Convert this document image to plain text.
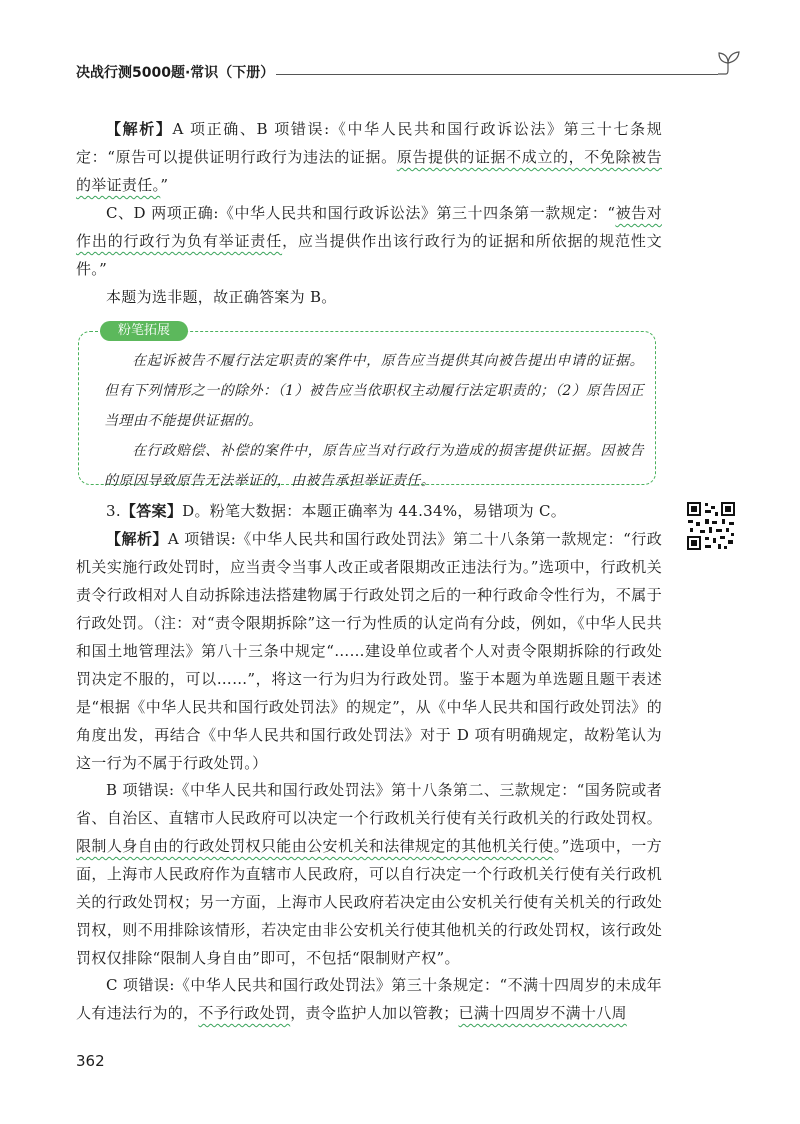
决战行测5000题·常识（下册）

【解析】A 项正确、B 项错误:《中华人民共和国行政诉讼法》第三十七条规定：“原告可以提供证明行政行为违法的证据。原告提供的证据不成立的，不免除被告的举证责任。”

C、D 两项正确:《中华人民共和国行政诉讼法》第三十四条第一款规定：“被告对作出的行政行为负有举证责任，应当提供作出该行政行为的证据和所依据的规范性文件。”

本题为选非题，故正确答案为 B。

粉笔拓展

在起诉被告不履行法定职责的案件中，原告应当提供其向被告提出申请的证据。但有下列情形之一的除外：（1）被告应当依职权主动履行法定职责的；（2）原告因正当理由不能提供证据的。

在行政赔偿、补偿的案件中，原告应当对行政行为造成的损害提供证据。因被告的原因导致原告无法举证的，由被告承担举证责任。

3.【答案】D。粉笔大数据：本题正确率为 44.34%，易错项为 C。

【解析】A 项错误:《中华人民共和国行政处罚法》第二十八条第一款规定：“行政机关实施行政处罚时，应当责令当事人改正或者限期改正违法行为。”选项中，行政机关责令行政相对人自动拆除违法搭建物属于行政处罚之后的一种行政命令性行为，不属于行政处罚。（注：对“责令限期拆除”这一行为性质的认定尚有分歧，例如，《中华人民共和国土地管理法》第八十三条中规定“……建设单位或者个人对责令限期拆除的行政处罚决定不服的，可以……”，将这一行为归为行政处罚。鉴于本题为单选题且题干表述是“根据《中华人民共和国行政处罚法》的规定”，从《中华人民共和国行政处罚法》的角度出发，再结合《中华人民共和国行政处罚法》对于 D 项有明确规定，故粉笔认为这一行为不属于行政处罚。）

B 项错误:《中华人民共和国行政处罚法》第十八条第二、三款规定：“国务院或者省、自治区、直辖市人民政府可以决定一个行政机关行使有关行政机关的行政处罚权。限制人身自由的行政处罚权只能由公安机关和法律规定的其他机关行使。”选项中，一方面，上海市人民政府作为直辖市人民政府，可以自行决定一个行政机关行使有关行政机关的行政处罚权；另一方面，上海市人民政府若决定由公安机关行使有关机关的行政处罚权，则不用排除该情形，若决定由非公安机关行使其他机关的行政处罚权，该行政处罚权仅排除“限制人身自由”即可，不包括“限制财产权”。

C 项错误:《中华人民共和国行政处罚法》第三十条规定：“不满十四周岁的未成年人有违法行为的，不予行政处罚，责令监护人加以管教；已满十四周岁不满十八周

362
